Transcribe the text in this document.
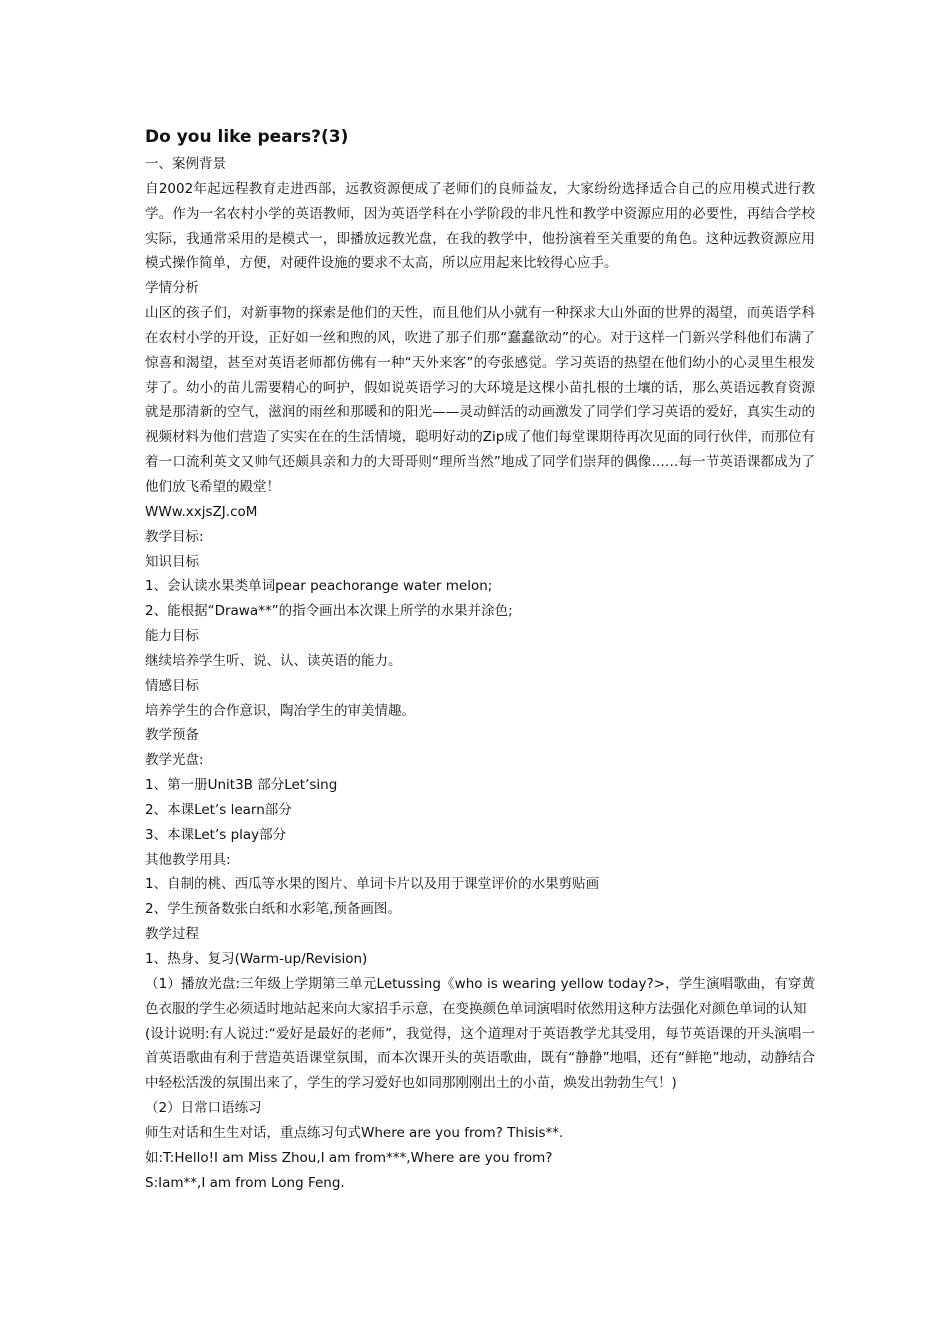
Do you like pears?(3)

一、案例背景

自2002年起远程教育走进西部，远教资源便成了老师们的良师益友，大家纷纷选择适合自己的应用模式进行教学。作为一名农村小学的英语教师，因为英语学科在小学阶段的非凡性和教学中资源应用的必要性，再结合学校实际，我通常采用的是模式一，即播放远教光盘，在我的教学中，他扮演着至关重要的角色。这种远教资源应用模式操作简单，方便，对硬件设施的要求不太高，所以应用起来比较得心应手。

学情分析

山区的孩子们，对新事物的探索是他们的天性，而且他们从小就有一种探求大山外面的世界的渴望，而英语学科在农村小学的开设，正好如一丝和煦的风，吹进了那子们那“蠢蠢欲动”的心。对于这样一门新兴学科他们布满了惊喜和渴望，甚至对英语老师都仿佛有一种“天外来客”的夸张感觉。学习英语的热望在他们幼小的心灵里生根发芽了。幼小的苗儿需要精心的呵护，假如说英语学习的大环境是这棵小苗扎根的土壤的话，那么英语远教育资源就是那清新的空气，滋润的雨丝和那暖和的阳光——灵动鲜活的动画激发了同学们学习英语的爱好，真实生动的视频材料为他们营造了实实在在的生活情境，聪明好动的Zip成了他们每堂课期待再次见面的同行伙伴，而那位有着一口流利英文又帅气还颇具亲和力的大哥哥则“理所当然”地成了同学们崇拜的偶像……每一节英语课都成为了他们放飞希望的殿堂！

WWw.xxjsZJ.coM

教学目标:

知识目标

1、会认读水果类单词pear peachorange water melon;

2、能根据“Drawa**”的指令画出本次课上所学的水果并涂色;

能力目标

继续培养学生听、说、认、读英语的能力。

情感目标

培养学生的合作意识，陶冶学生的审美情趣。

教学预备

教学光盘:

1、第一册Unit3B 部分Let’sing

2、本课Let’s learn部分

3、本课Let’s play部分

其他教学用具:

1、自制的桃、西瓜等水果的图片、单词卡片以及用于课堂评价的水果剪贴画

2、学生预备数张白纸和水彩笔,预备画图。

教学过程

1、热身、复习(Warm-up/Revision)

（1）播放光盘:三年级上学期第三单元Letussing《who is wearing yellow today?>，学生演唱歌曲，有穿黄色衣服的学生必须适时地站起来向大家招手示意，在变换颜色单词演唱时依然用这种方法强化对颜色单词的认知

(设计说明:有人说过:“爱好是最好的老师”，我觉得，这个道理对于英语教学尤其受用，每节英语课的开头演唱一首英语歌曲有利于营造英语课堂氛围，而本次课开头的英语歌曲，既有“静静”地唱，还有“鲜艳”地动，动静结合中轻松活泼的氛围出来了，学生的学习爱好也如同那刚刚出土的小苗，焕发出勃勃生气！)

（2）日常口语练习

师生对话和生生对话，重点练习句式Where are you from? Thisis**.

如:T:Hello!I am Miss Zhou,I am from***,Where are you from?

S:Iam**,I am from Long Feng.
